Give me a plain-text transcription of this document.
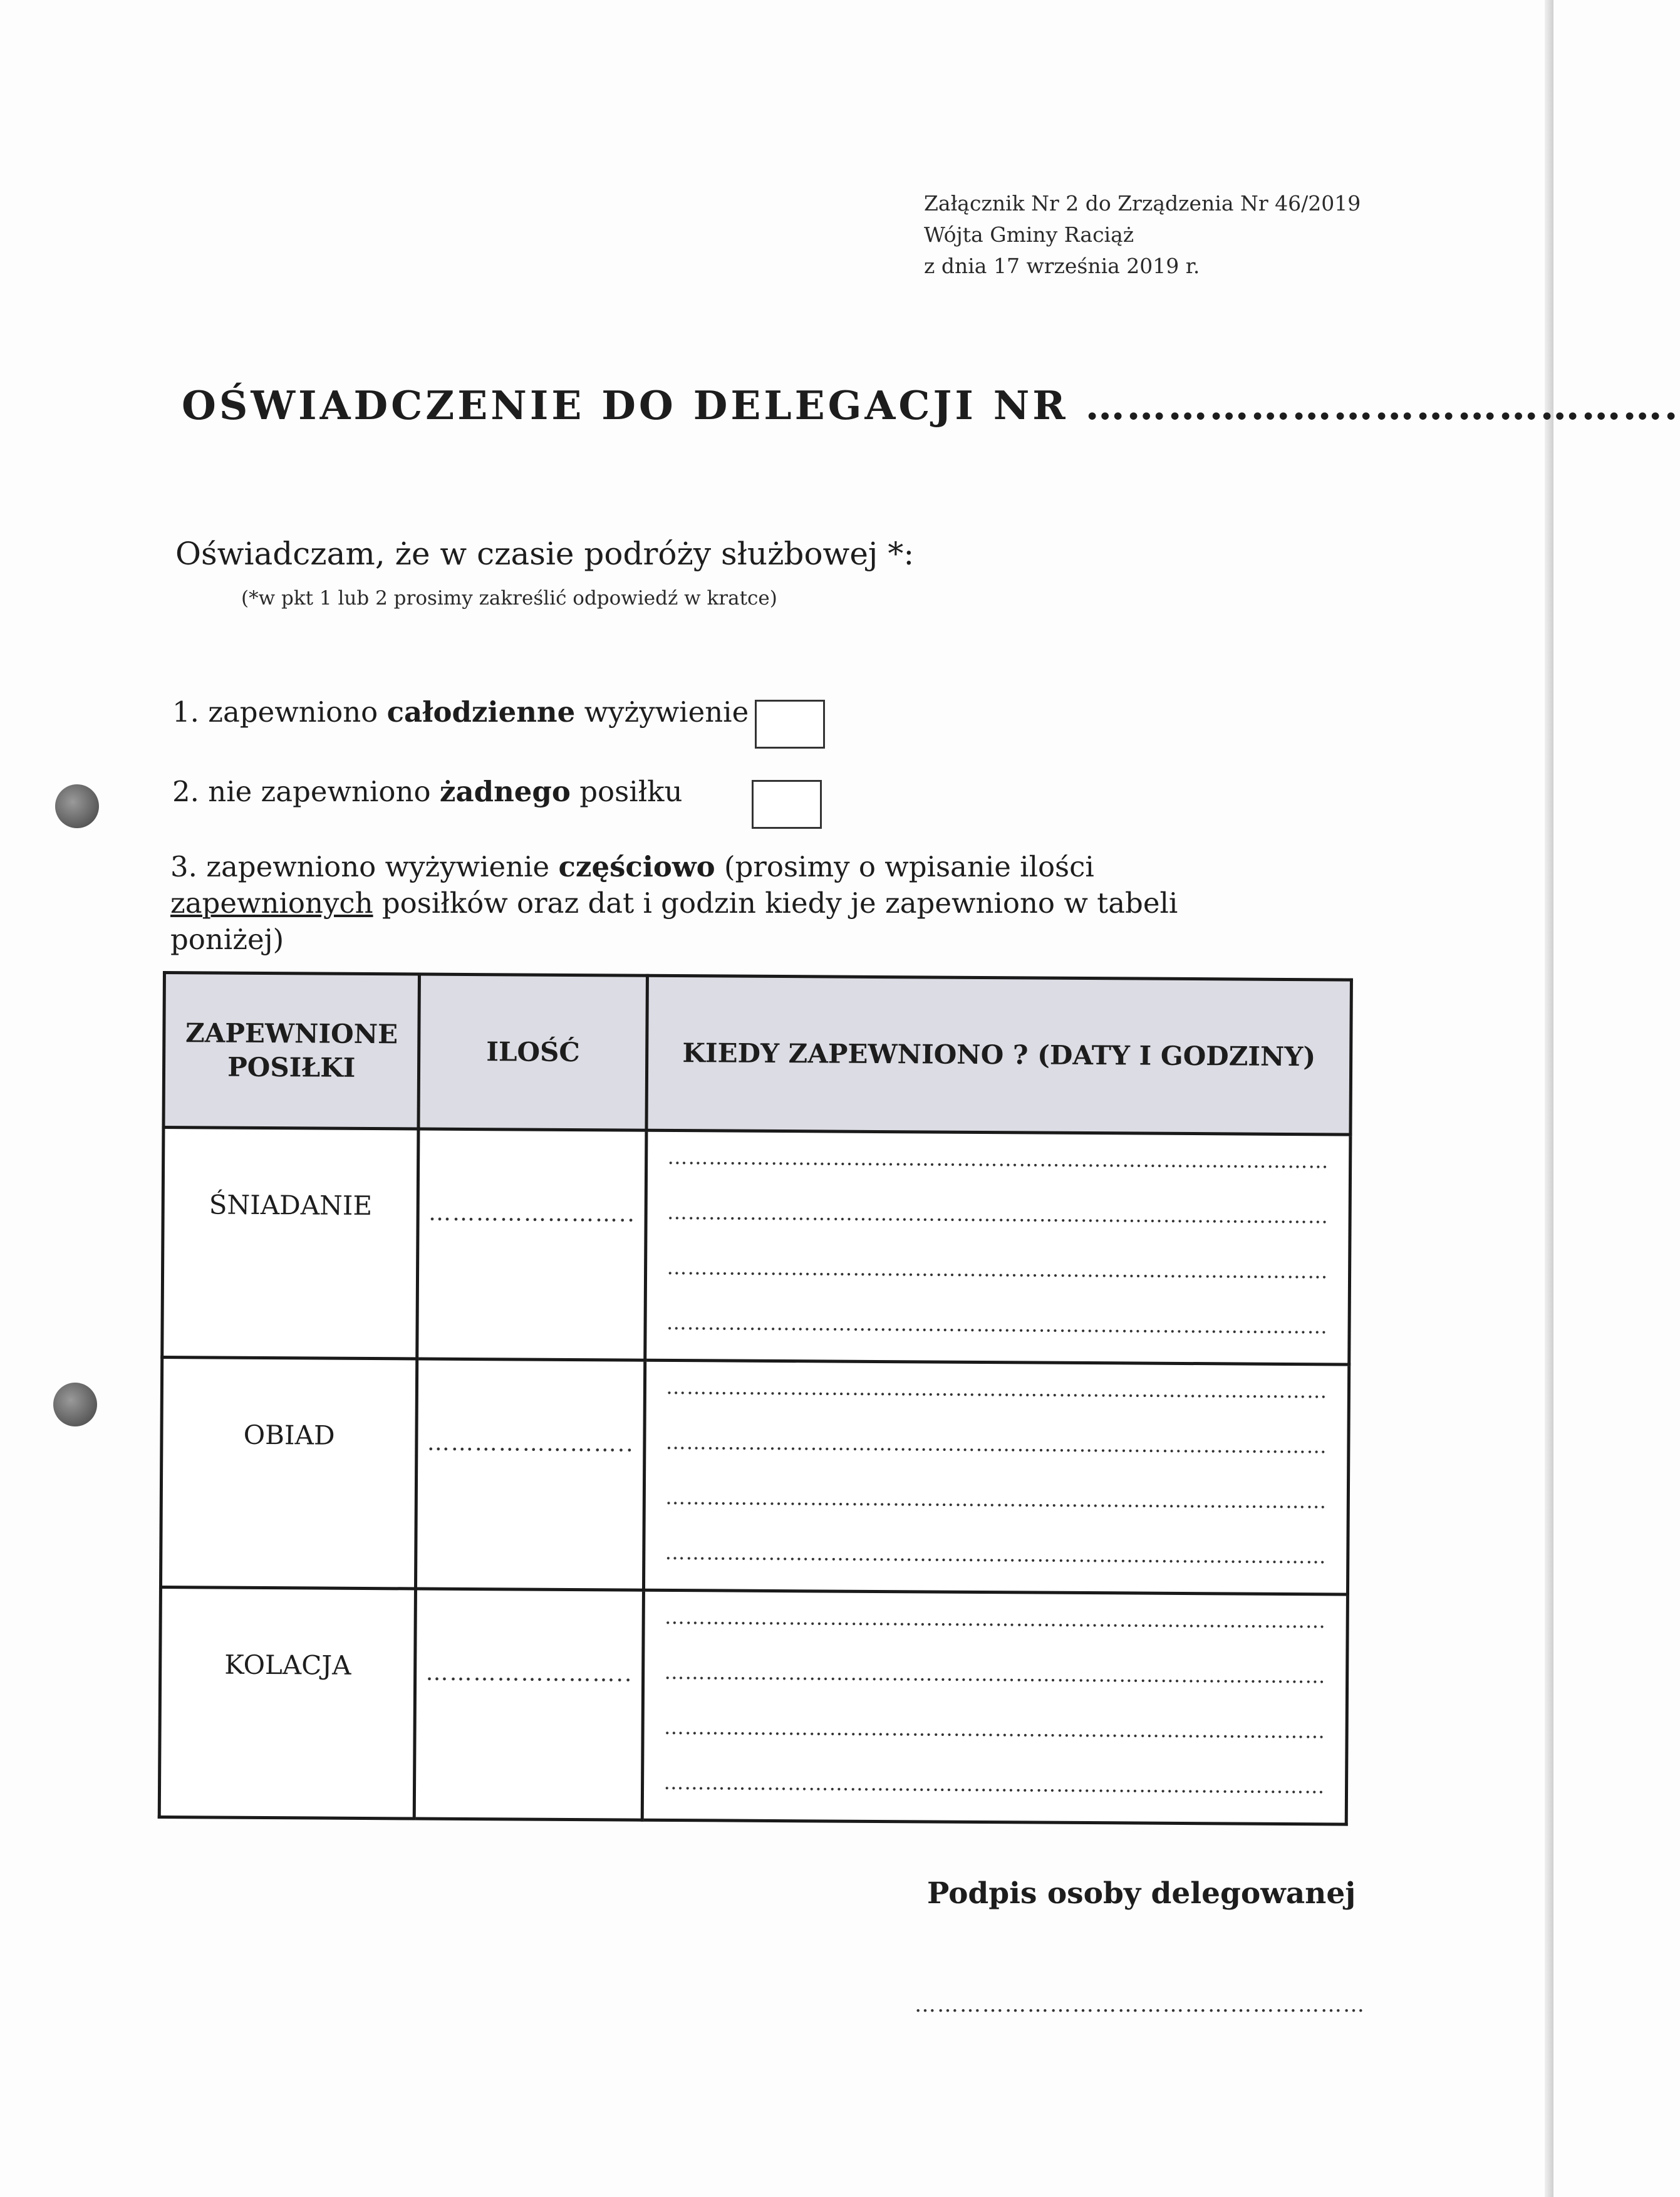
Załącznik Nr 2 do Zrządzenia Nr 46/2019
Wójta Gminy Raciąż
z dnia 17 września 2019 r.
OŚWIADCZENIE DO DELEGACJI NR …………………………………….
Oświadczam, że w czasie podróży służbowej *:
(*w pkt 1 lub 2 prosimy zakreślić odpowiedź w kratce)
1. zapewniono całodzienne wyżywienie
2. nie zapewniono żadnego posiłku
3. zapewniono wyżywienie częściowo (prosimy o wpisanie ilości zapewnionych posiłków oraz dat i godzin kiedy je zapewniono w tabeli poniżej)
ZAPEWNIONE POSIŁKI	ILOŚĆ	KIEDY ZAPEWNIONO ? (DATY I GODZINY)

ŚNIADANIE	……………………..	……………………………………………………………………………………
……………………………………………………………………………………
……………………………………………………………………………………
……………………………………………………………………………………

OBIAD	……………………..	……………………………………………………………………………………
……………………………………………………………………………………
……………………………………………………………………………………
……………………………………………………………………………………

KOLACJA	……………………..	……………………………………………………………………………………
……………………………………………………………………………………
……………………………………………………………………………………
……………………………………………………………………………………
Podpis osoby delegowanej
……………………………………………………
